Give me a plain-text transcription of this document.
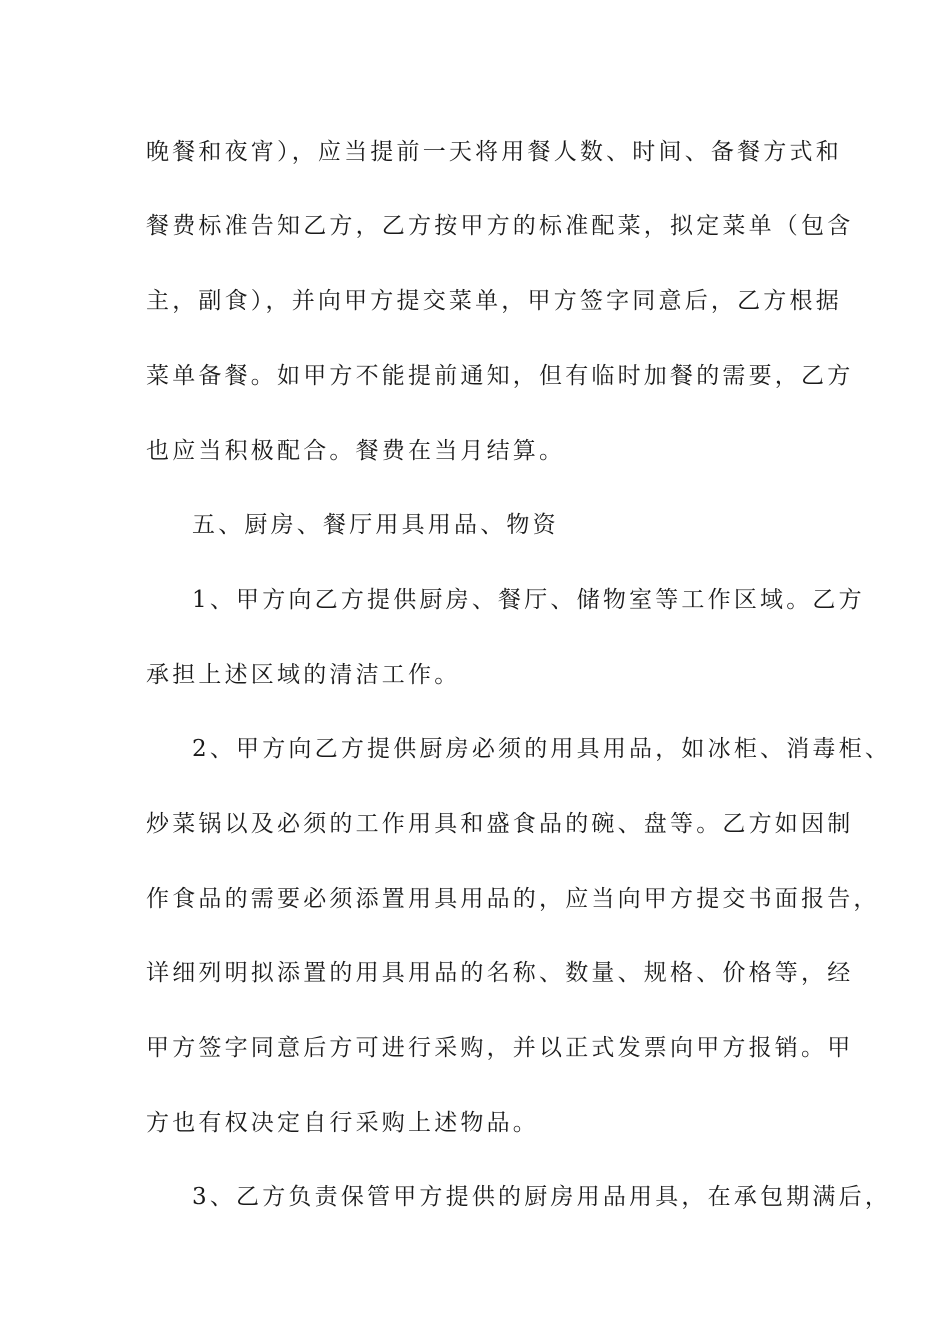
晚餐和夜宵），应当提前一天将用餐人数、时间、备餐方式和
餐费标准告知乙方，乙方按甲方的标准配菜，拟定菜单（包含
主，副食），并向甲方提交菜单，甲方签字同意后，乙方根据
菜单备餐。如甲方不能提前通知，但有临时加餐的需要，乙方
也应当积极配合。餐费在当月结算。
五、厨房、餐厅用具用品、物资
1、甲方向乙方提供厨房、餐厅、储物室等工作区域。乙方
承担上述区域的清洁工作。
2、甲方向乙方提供厨房必须的用具用品，如冰柜、消毒柜、
炒菜锅以及必须的工作用具和盛食品的碗、盘等。乙方如因制
作食品的需要必须添置用具用品的，应当向甲方提交书面报告，
详细列明拟添置的用具用品的名称、数量、规格、价格等，经
甲方签字同意后方可进行采购，并以正式发票向甲方报销。甲
方也有权决定自行采购上述物品。
3、乙方负责保管甲方提供的厨房用品用具，在承包期满后，
